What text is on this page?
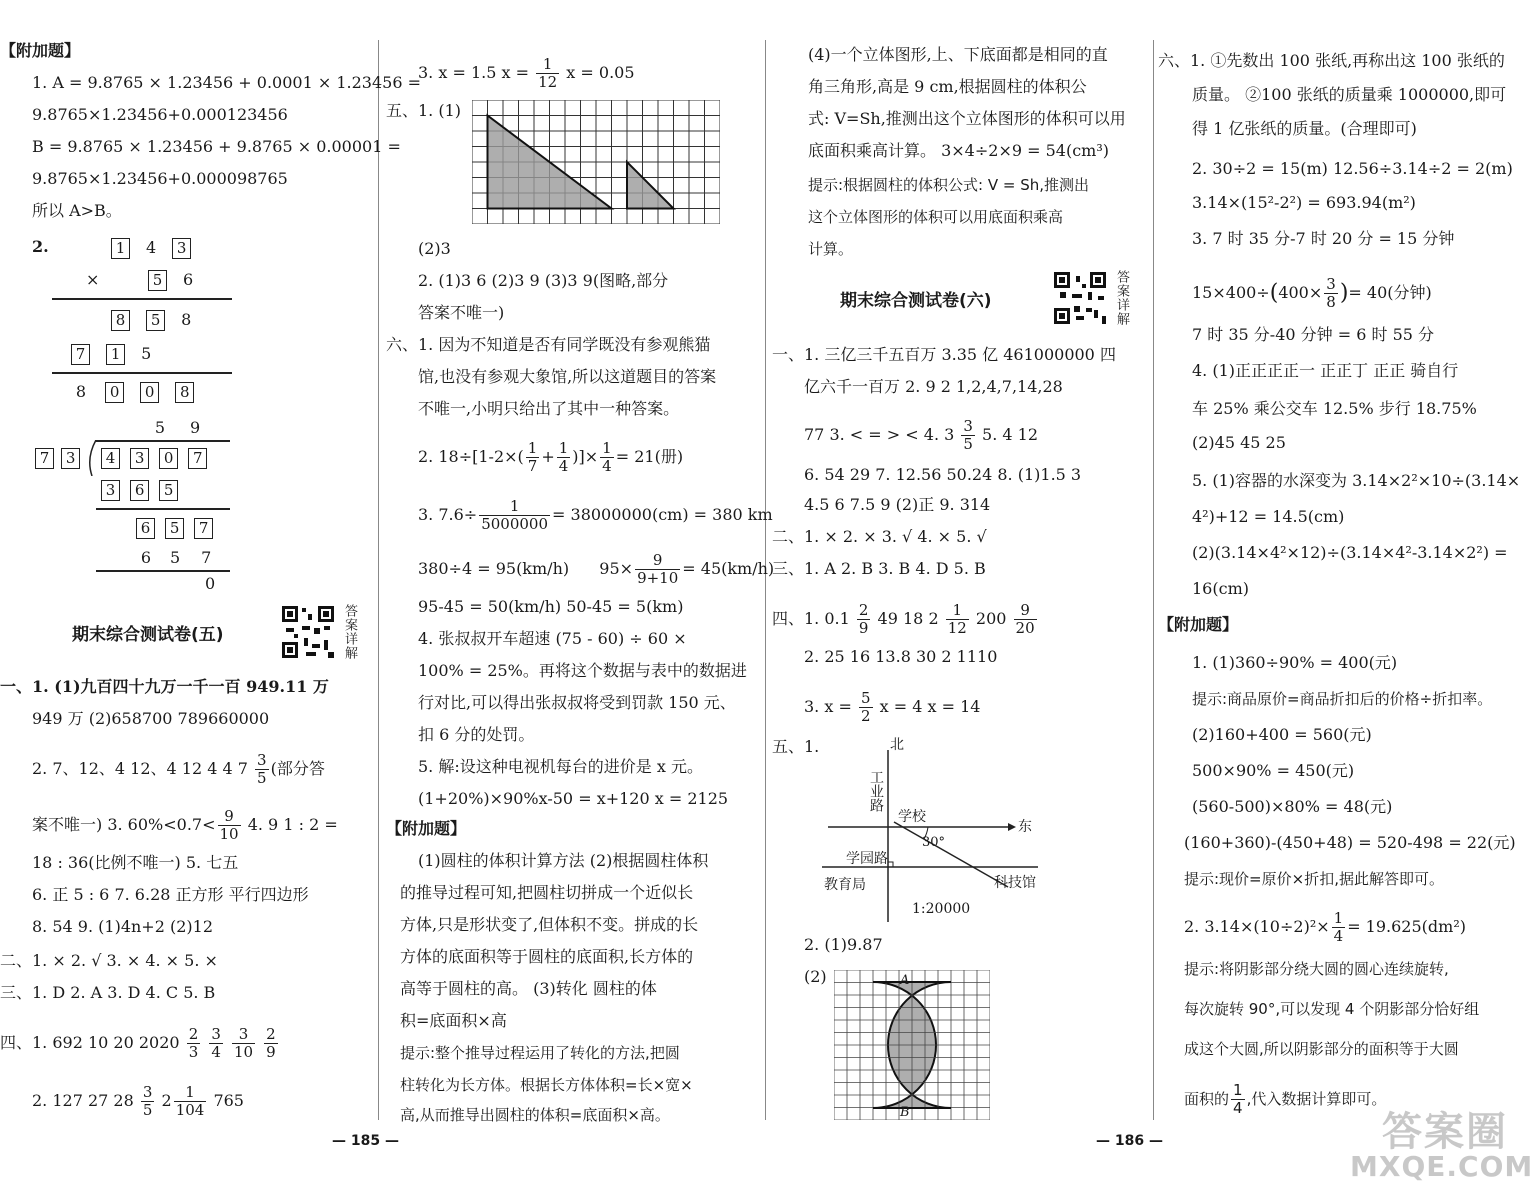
【附加题】
1. A = 9.8765 × 1.23456 + 0.0001 × 1.23456 =
9.8765×1.23456+0.000123456
B = 9.8765 × 1.23456 + 9.8765 × 0.00001 =
9.8765×1.23456+0.000098765
所以 A>B。
2.	1 4 3
×	5 6
8 5 8
7 1 5
8 0 0 8
5 9
7 3	4 3 0 7
3 6 5
6 5 7
6 5 7
0
期末综合测试卷(五)	答案详解
一、1. (1)九百四十九万一千一百 949.11 万
949 万 (2)658700 789660000
2. 7、12、4 12、4 12 4 4 $7 \frac{3}{5}$ (部分答
案不唯一) 3. $60\%<0.7< \frac{9}{10} 4$. 9 1 : 2 =
18 : 36(比例不唯一) 5. 七五
6. 正 5 : 6 7. 6.28 正方形 平行四边形
8. 54 9. (1)4n+2 (2)12
二、1. × 2. √ 3. × 4. × 5. ×
三、1. D 2. A 3. D 4. C 5. B
四、1. 692 10 20 $2020 \frac{2}{3}$
$\frac{3}{4}$
$\frac{3}{10}$
$\frac{2}{9}$
2. 127 27 $28 \frac{3}{5} 2 \frac{1}{104} 765$
3. x = 1.5 $x = \frac{1}{12}$ x = 0.05
五、1. (1)
(2)3
2. (1)3 6 (2)3 9 (3)3 9(图略,部分
答案不唯一)
六、1. 因为不知道是否有同学既没有参观熊猫
馆,也没有参观大象馆,所以这道题目的答案
不唯一,小明只给出了其中一种答案。
2. $18\div[1-2\times( \frac{1}{7} + \frac{1}{4}$ )]× $\frac{1}{4} = 21$(册)
3. $7.6\div \frac{1}{5000000} = 38000000(cm) = 380$ km
380÷4 = 95(km/h) $95\times \frac{9}{9+10} = 45(km/h)$
95-45 = 50(km/h) 50-45 = 5(km)
4. 张叔叔开车超速 (75 - 60) ÷ 60 ×
100% = 25%。再将这个数据与表中的数据进
行对比,可以得出张叔叔将受到罚款 150 元、
扣 6 分的处罚。
5. 解:设这种电视机每台的进价是 x 元。
(1+20%)×90%x-50 = x+120 x = 2125
【附加题】
(1)圆柱的体积计算方法 (2)根据圆柱体积
的推导过程可知,把圆柱切拼成一个近似长
方体,只是形状变了,但体积不变。拼成的长
方体的底面积等于圆柱的底面积,长方体的
高等于圆柱的高。 (3)转化 圆柱的体
积=底面积×高
提示:整个推导过程运用了转化的方法,把圆
柱转化为长方体。根据长方体体积=长×宽×
高,从而推导出圆柱的体积=底面积×高。
— 185 —
(4)一个立体图形,上、下底面都是相同的直
角三角形,高是 9 cm,根据圆柱的体积公
式: V=Sh,推测出这个立体图形的体积可以用
底面积乘高计算。 3×4÷2×9 = 54(cm³)
提示:根据圆柱的体积公式: V = Sh,推测出
这个立体图形的体积可以用底面积乘高
计算。
期末综合测试卷(六)	答案详解
一、1. 三亿三千五百万 3.35 亿 461000000 四
亿六千一百万 2. 9 2 1,2,4,7,14,28
77 3. < = > < 4. $3 \frac{3}{5} 5$. 4 12
6. 54 29 7. 12.56 50.24 8. (1)1.5 3
4.5 6 7.5 9 (2)正 9. 314
二、1. × 2. × 3. √ 4. × 5. √
三、1. A 2. B 3. B 4. D 5. B
四、1. $0.1 \frac{2}{9} 49$ 18 $2 \frac{1}{12} 200 \frac{9}{20}$
2. 25 16 13.8 30 2 1110
3. $x = \frac{5}{2}$ x = 4 x = 14
五、1.	北
工业路
学校
30°
东
学园路
教育局	科技馆
1:20000
2. (1)9.87
(2)	A
B
六、1. ①先数出 100 张纸,再称出这 100 张纸的
质量。 ②100 张纸的质量乘 1000000,即可
得 1 亿张纸的质量。(合理即可)
2. 30÷2 = 15(m) 12.56÷3.14÷2 = 2(m)
3.14×(15²-2²) = 693.94(m²)
3. 7 时 35 分-7 时 20 分 = 15 分钟
$15\times 400\div(400\times \frac{3}{8}$ )= 40(分钟)
7 时 35 分-40 分钟 = 6 时 55 分
4. (1)正正正正一 正正丁 正正 骑自行
车 25% 乘公交车 12.5% 步行 18.75%
(2)45 45 25
5. (1)容器的水深变为 3.14×2²×10÷(3.14×
4²)+12 = 14.5(cm)
(2)(3.14×4²×12)÷(3.14×4²-3.14×2²) =
16(cm)
【附加题】
1. (1)360÷90% = 400(元)
提示:商品原价=商品折扣后的价格÷折扣率。
(2)160+400 = 560(元)
500×90% = 450(元)
(560-500)×80% = 48(元)
(160+360)-(450+48) = 520-498 = 22(元)
提示:现价=原价×折扣,据此解答即可。
2. $3.14\times(10\div 2)^2\times \frac{1}{4} = 19.625(dm^2)$
提示:将阴影部分绕大圆的圆心连续旋转,
每次旋转 90°,可以发现 4 个阴影部分恰好组
成这个大圆,所以阴影部分的面积等于大圆
面积的 $\frac{1}{4}$ ,代入数据计算即可。
— 186 —	答案圈
MXQE.COM
